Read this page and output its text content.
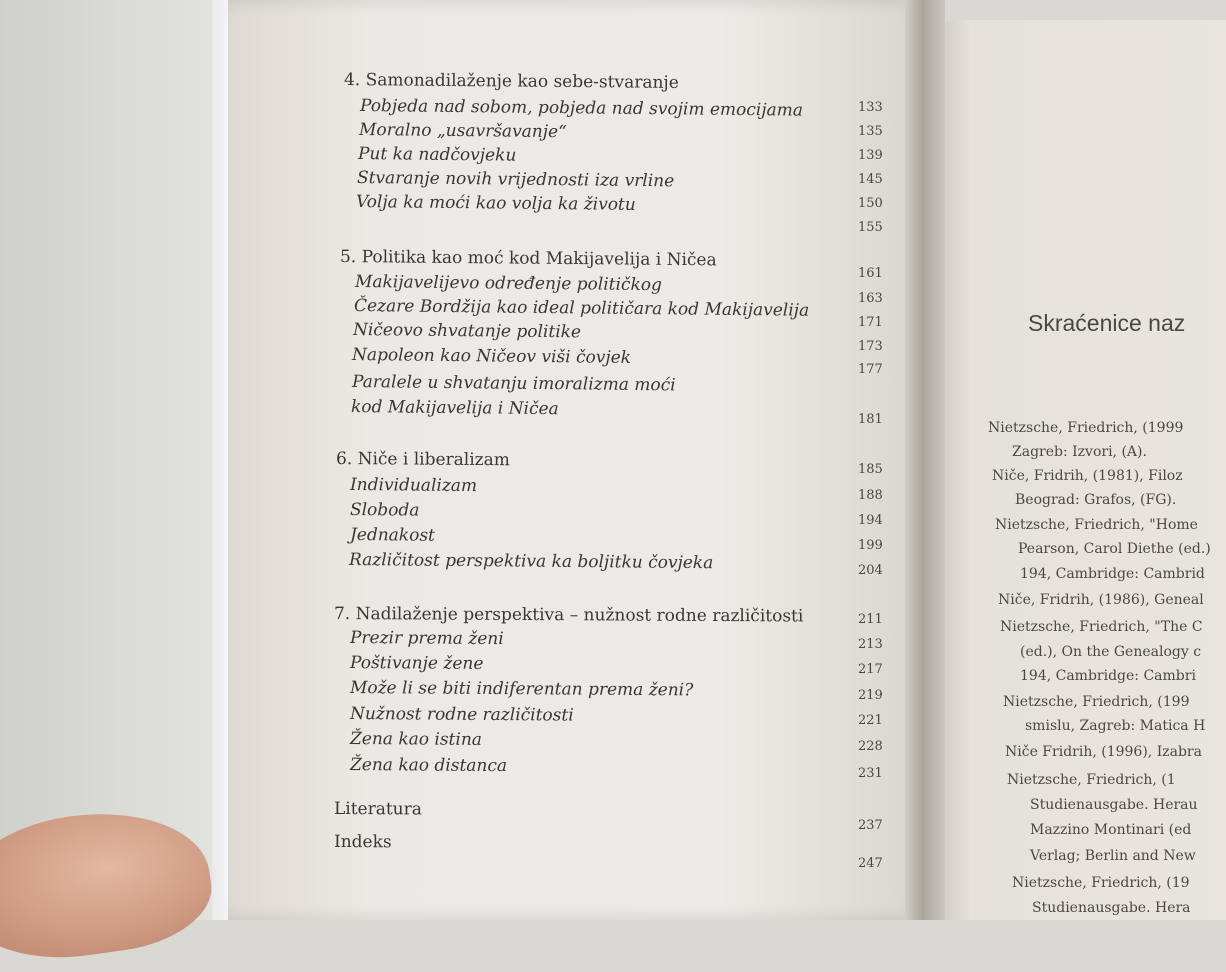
4. Samonadilaženje kao sebe-stvaranje
Pobjeda nad sobom, pobjeda nad svojim emocijama
Moralno „usavršavanje“
Put ka nadčovjeku
Stvaranje novih vrijednosti iza vrline
Volja ka moći kao volja ka životu
133
135
139
145
150
155
5. Politika kao moć kod Makijavelija i Ničea
Makijavelijevo određenje političkog
Čezare Bordžija kao ideal političara kod Makijavelija
Ničeovo shvatanje politike
Napoleon kao Ničeov viši čovjek
Paralele u shvatanju imoralizma moći
kod Makijavelija i Ničea
161
163
171
173
177
181
6. Niče i liberalizam
Individualizam
Sloboda
Jednakost
Različitost perspektiva ka boljitku čovjeka
185
188
194
199
204
7. Nadilaženje perspektiva – nužnost rodne različitosti
Prezir prema ženi
Poštivanje žene
Može li se biti indiferentan prema ženi?
Nužnost rodne različitosti
Žena kao istina
Žena kao distanca
211
213
217
219
221
228
231
Literatura
Indeks
237
247
Skraćenice naz
Nietzsche, Friedrich, (1999
Zagreb: Izvori, (A).
Niče, Fridrih, (1981), Filoz
Beograd: Grafos, (FG).
Nietzsche, Friedrich, "Home
Pearson, Carol Diethe (ed.)
194, Cambridge: Cambrid
Niče, Fridrih, (1986), Geneal
Nietzsche, Friedrich, "The C
(ed.), On the Genealogy c
194, Cambridge: Cambri
Nietzsche, Friedrich, (199
smislu, Zagreb: Matica H
Niče Fridrih, (1996), Izabra
Nietzsche, Friedrich, (1
Studienausgabe. Herau
Mazzino Montinari (ed
Verlag; Berlin and New
Nietzsche, Friedrich, (19
Studienausgabe. Hera
